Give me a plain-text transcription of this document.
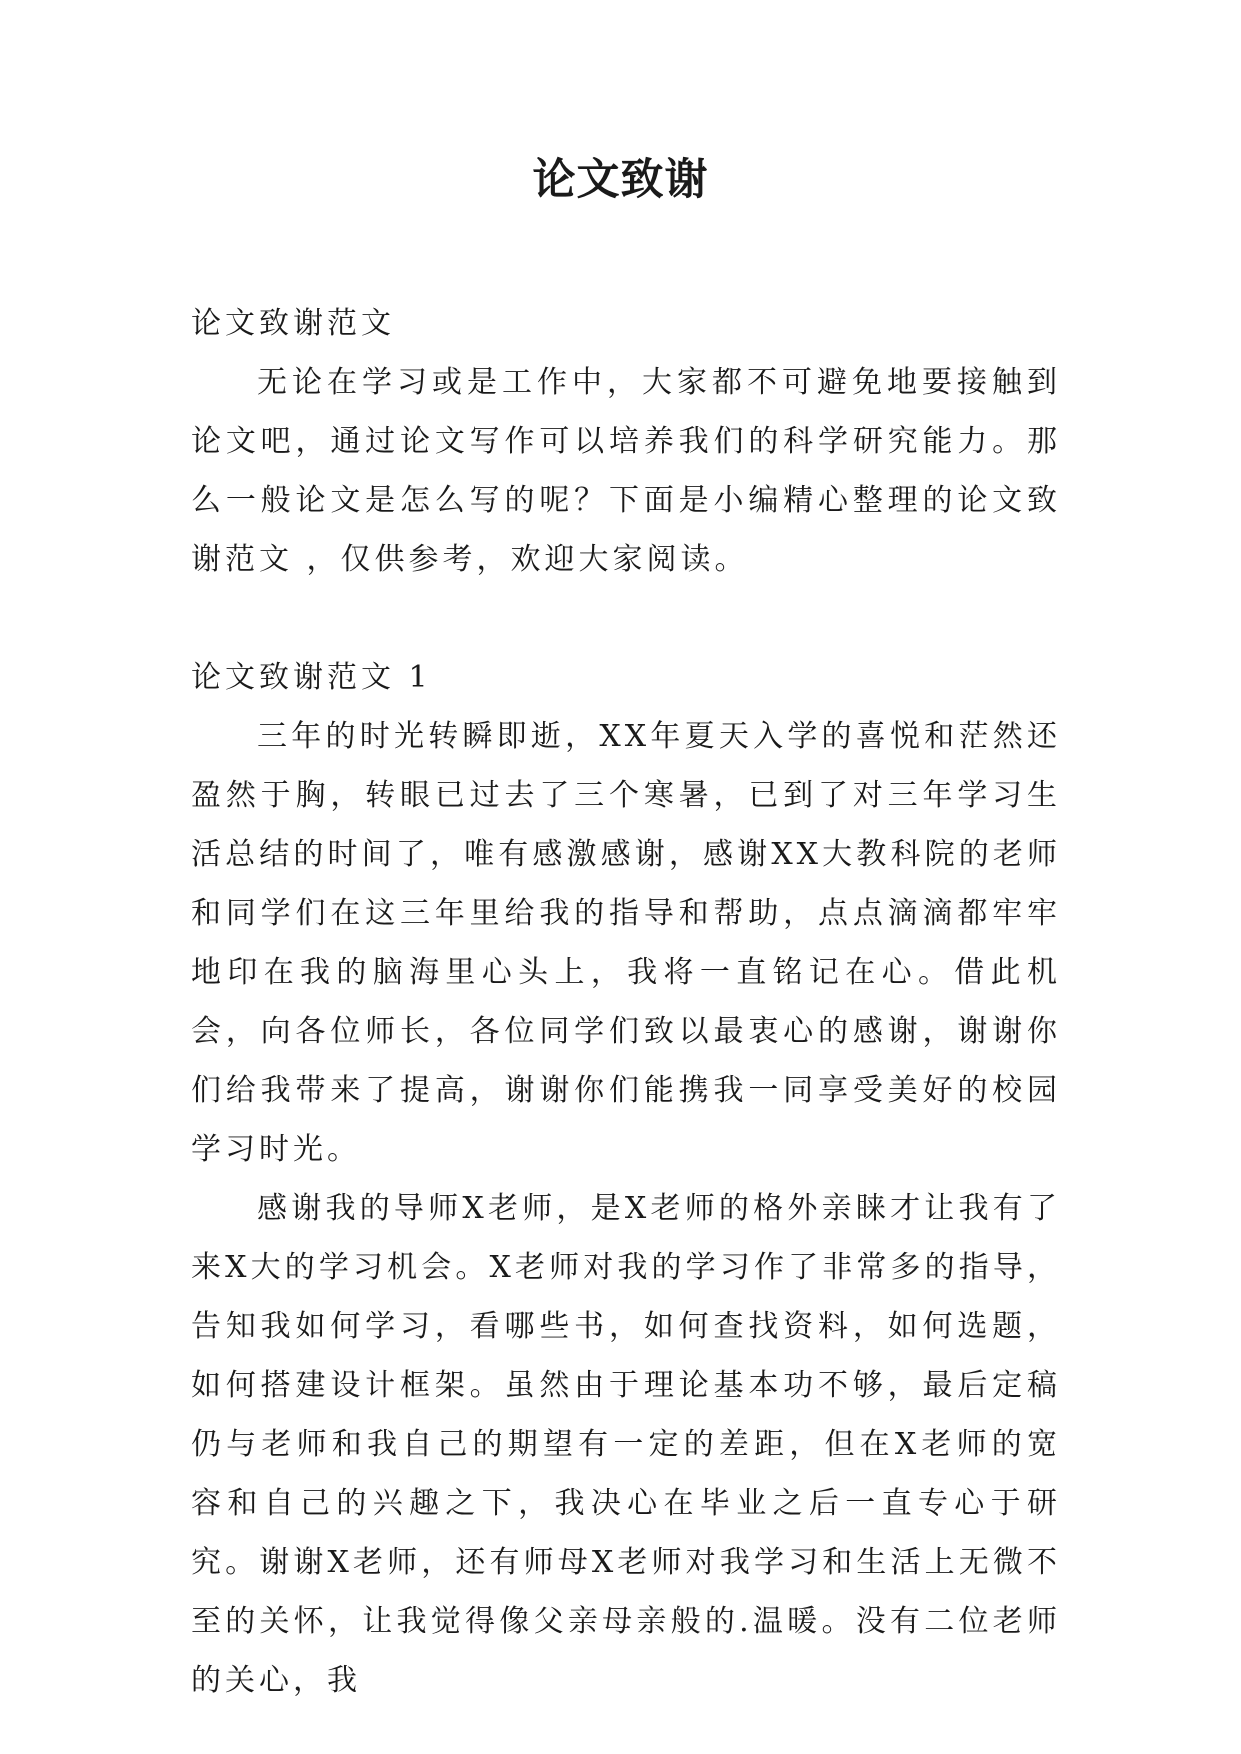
论文致谢

论文致谢范文

无论在学习或是工作中，大家都不可避免地要接触到论文吧，通过论文写作可以培养我们的科学研究能力。那么一般论文是怎么写的呢？下面是小编精心整理的论文致谢范文 ，仅供参考，欢迎大家阅读。

论文致谢范文 1

三年的时光转瞬即逝，XX年夏天入学的喜悦和茫然还盈然于胸，转眼已过去了三个寒暑，已到了对三年学习生活总结的时间了，唯有感激感谢，感谢XX大教科院的老师和同学们在这三年里给我的指导和帮助，点点滴滴都牢牢地印在我的脑海里心头上，我将一直铭记在心。借此机会，向各位师长，各位同学们致以最衷心的感谢，谢谢你们给我带来了提高，谢谢你们能携我一同享受美好的校园学习时光。

感谢我的导师X老师，是X老师的格外亲睐才让我有了来X大的学习机会。X老师对我的学习作了非常多的指导，告知我如何学习，看哪些书，如何查找资料，如何选题，如何搭建设计框架。虽然由于理论基本功不够，最后定稿仍与老师和我自己的期望有一定的差距，但在X老师的宽容和自己的兴趣之下，我决心在毕业之后一直专心于研究。谢谢X老师，还有师母X老师对我学习和生活上无微不至的关怀，让我觉得像父亲母亲般的.温暖。没有二位老师的关心，我
